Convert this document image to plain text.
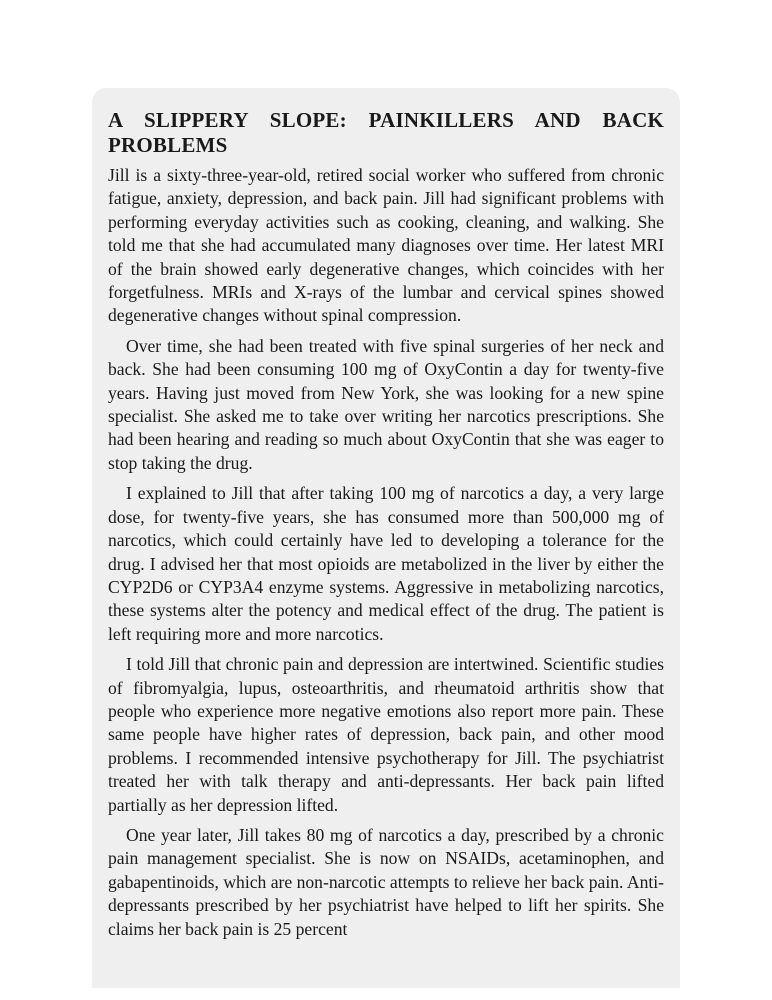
A SLIPPERY SLOPE: PAINKILLERS AND BACK PROBLEMS

Jill is a sixty-three-year-old, retired social worker who suffered from chronic fatigue, anxiety, depression, and back pain. Jill had significant problems with performing everyday activities such as cooking, cleaning, and walking. She told me that she had accumulated many diagnoses over time. Her latest MRI of the brain showed early degenerative changes, which coincides with her forgetfulness. MRIs and X-rays of the lumbar and cervical spines showed degenerative changes without spinal compression.

Over time, she had been treated with five spinal surgeries of her neck and back. She had been consuming 100 mg of OxyContin a day for twenty-five years. Having just moved from New York, she was looking for a new spine specialist. She asked me to take over writing her narcotics prescriptions. She had been hearing and reading so much about OxyContin that she was eager to stop taking the drug.

I explained to Jill that after taking 100 mg of narcotics a day, a very large dose, for twenty-five years, she has consumed more than 500,000 mg of narcotics, which could certainly have led to developing a tolerance for the drug. I advised her that most opioids are metabolized in the liver by either the CYP2D6 or CYP3A4 enzyme systems. Aggressive in metabolizing narcotics, these systems alter the potency and medical effect of the drug. The patient is left requiring more and more narcotics.

I told Jill that chronic pain and depression are intertwined. Scientific studies of fibromyalgia, lupus, osteoarthritis, and rheumatoid arthritis show that people who experience more negative emotions also report more pain. These same people have higher rates of depression, back pain, and other mood problems. I recommended intensive psychotherapy for Jill. The psychiatrist treated her with talk therapy and anti-depressants. Her back pain lifted partially as her depression lifted.

One year later, Jill takes 80 mg of narcotics a day, prescribed by a chronic pain management specialist. She is now on NSAIDs, acetaminophen, and gabapentinoids, which are non-narcotic attempts to relieve her back pain. Anti-depressants prescribed by her psychiatrist have helped to lift her spirits. She claims her back pain is 25 percent
